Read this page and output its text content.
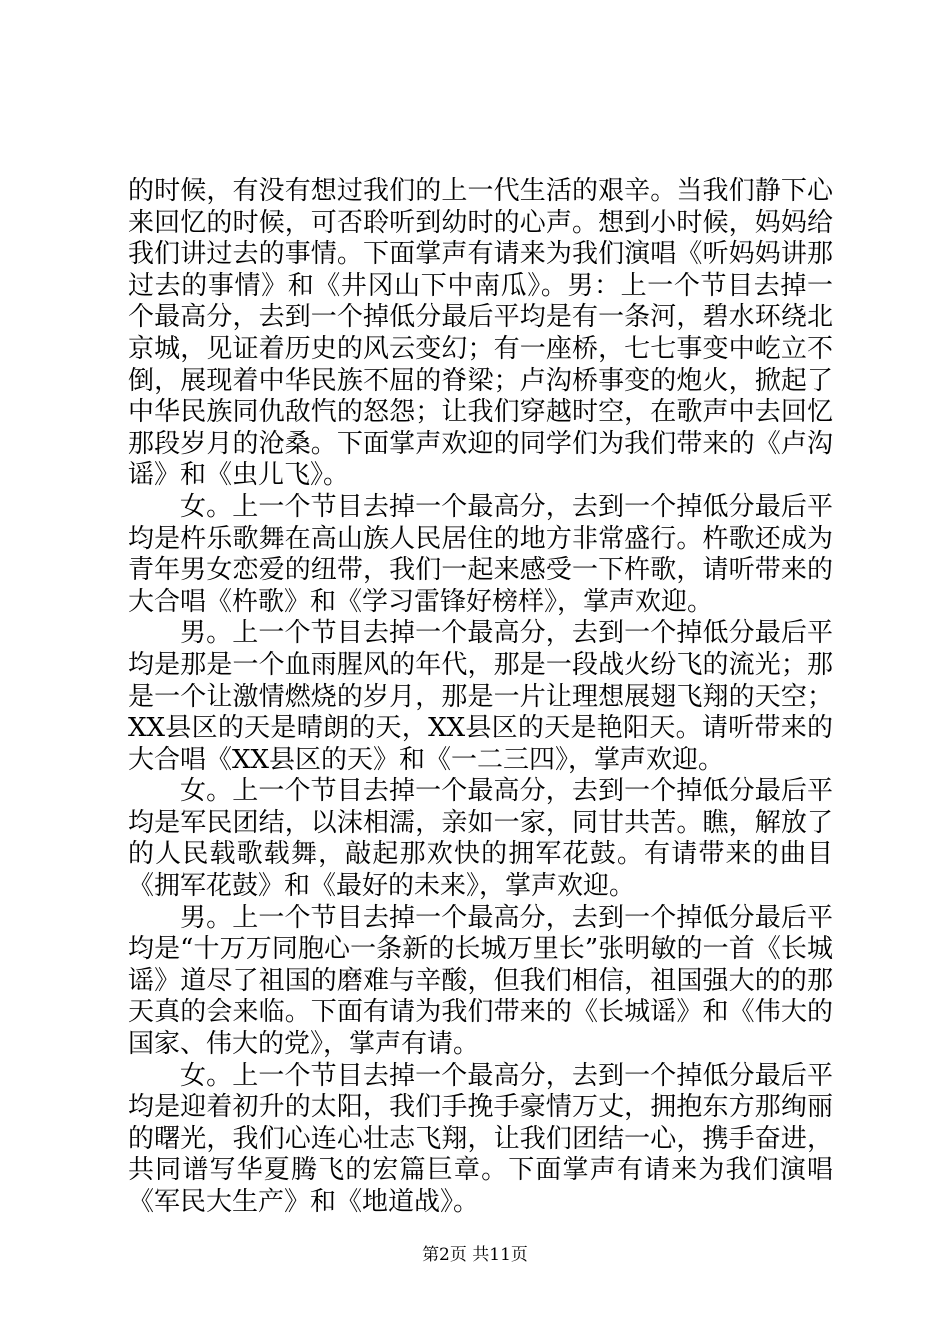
的时候，有没有想过我们的上一代生活的艰辛。当我们静下心来回忆的时候，可否聆听到幼时的心声。想到小时候，妈妈给我们讲过去的事情。下面掌声有请来为我们演唱《听妈妈讲那过去的事情》和《井冈山下中南瓜》。男：上一个节目去掉一个最高分，去到一个掉低分最后平均是有一条河，碧水环绕北京城，见证着历史的风云变幻；有一座桥，七七事变中屹立不倒，展现着中华民族不屈的脊梁；卢沟桥事变的炮火，掀起了中华民族同仇敌忾的怒怨；让我们穿越时空，在歌声中去回忆那段岁月的沧桑。下面掌声欢迎的同学们为我们带来的《卢沟谣》和《虫儿飞》。

女。上一个节目去掉一个最高分，去到一个掉低分最后平均是杵乐歌舞在高山族人民居住的地方非常盛行。杵歌还成为青年男女恋爱的纽带，我们一起来感受一下杵歌，请听带来的大合唱《杵歌》和《学习雷锋好榜样》，掌声欢迎。

男。上一个节目去掉一个最高分，去到一个掉低分最后平均是那是一个血雨腥风的年代，那是一段战火纷飞的流光；那是一个让激情燃烧的岁月，那是一片让理想展翅飞翔的天空；XX县区的天是晴朗的天，XX县区的天是艳阳天。请听带来的大合唱《XX县区的天》和《一二三四》，掌声欢迎。

女。上一个节目去掉一个最高分，去到一个掉低分最后平均是军民团结，以沫相濡，亲如一家，同甘共苦。瞧，解放了的人民载歌载舞，敲起那欢快的拥军花鼓。有请带来的曲目《拥军花鼓》和《最好的未来》，掌声欢迎。

男。上一个节目去掉一个最高分，去到一个掉低分最后平均是“十万万同胞心一条新的长城万里长”张明敏的一首《长城谣》道尽了祖国的磨难与辛酸，但我们相信，祖国强大的的那天真的会来临。下面有请为我们带来的《长城谣》和《伟大的国家、伟大的党》，掌声有请。

女。上一个节目去掉一个最高分，去到一个掉低分最后平均是迎着初升的太阳，我们手挽手豪情万丈，拥抱东方那绚丽的曙光，我们心连心壮志飞翔，让我们团结一心，携手奋进，共同谱写华夏腾飞的宏篇巨章。下面掌声有请来为我们演唱《军民大生产》和《地道战》。

第2页 共11页
